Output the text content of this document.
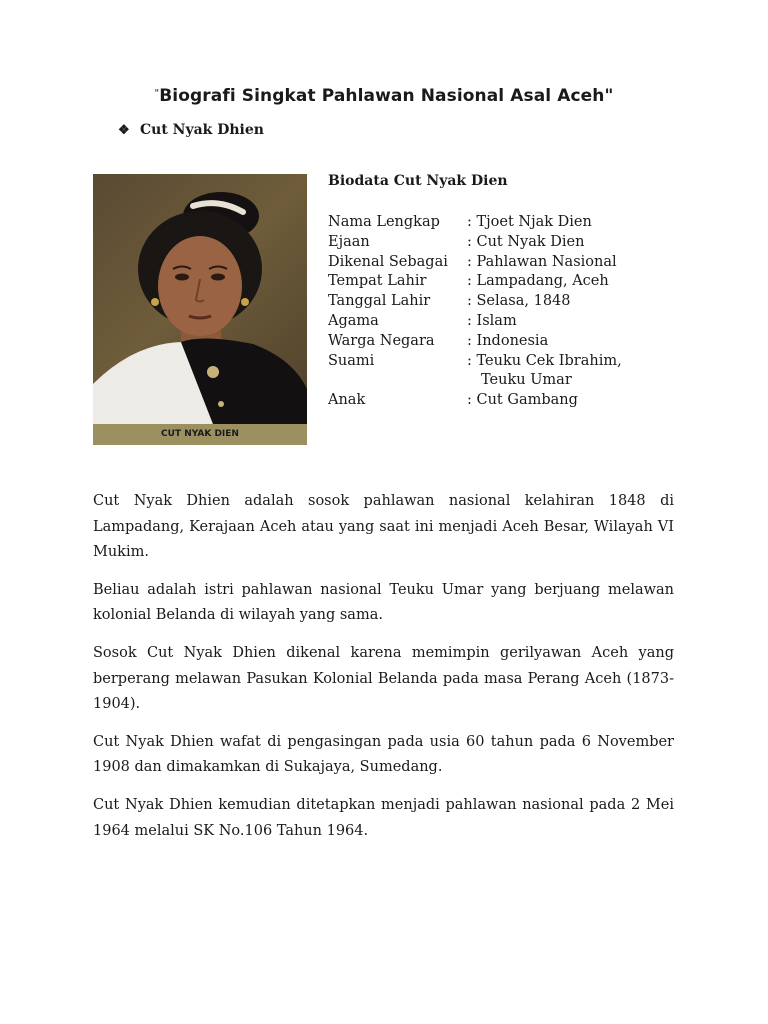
"Biografi Singkat Pahlawan Nasional Asal Aceh"
❖ Cut Nyak Dhien
CUT NYAK DIEN
Biodata Cut Nyak Dien
Nama Lengkap	: Tjoet Njak Dien
Ejaan	: Cut Nyak Dien
Dikenal Sebagai	: Pahlawan Nasional
Tempat Lahir	: Lampadang, Aceh
Tanggal Lahir	: Selasa, 1848
Agama	: Islam
Warga Negara	: Indonesia
Suami	: Teuku Cek Ibrahim,
Teuku Umar
Anak	: Cut Gambang

Cut Nyak Dhien adalah sosok pahlawan nasional kelahiran 1848 di Lampadang, Kerajaan Aceh atau yang saat ini menjadi Aceh Besar, Wilayah VI Mukim.

Beliau adalah istri pahlawan nasional Teuku Umar yang berjuang melawan kolonial Belanda di wilayah yang sama.

Sosok Cut Nyak Dhien dikenal karena memimpin gerilyawan Aceh yang berperang melawan Pasukan Kolonial Belanda pada masa Perang Aceh (1873- 1904).

Cut Nyak Dhien wafat di pengasingan pada usia 60 tahun pada 6 November 1908 dan dimakamkan di Sukajaya, Sumedang.

Cut Nyak Dhien kemudian ditetapkan menjadi pahlawan nasional pada 2 Mei 1964 melalui SK No.106 Tahun 1964.
